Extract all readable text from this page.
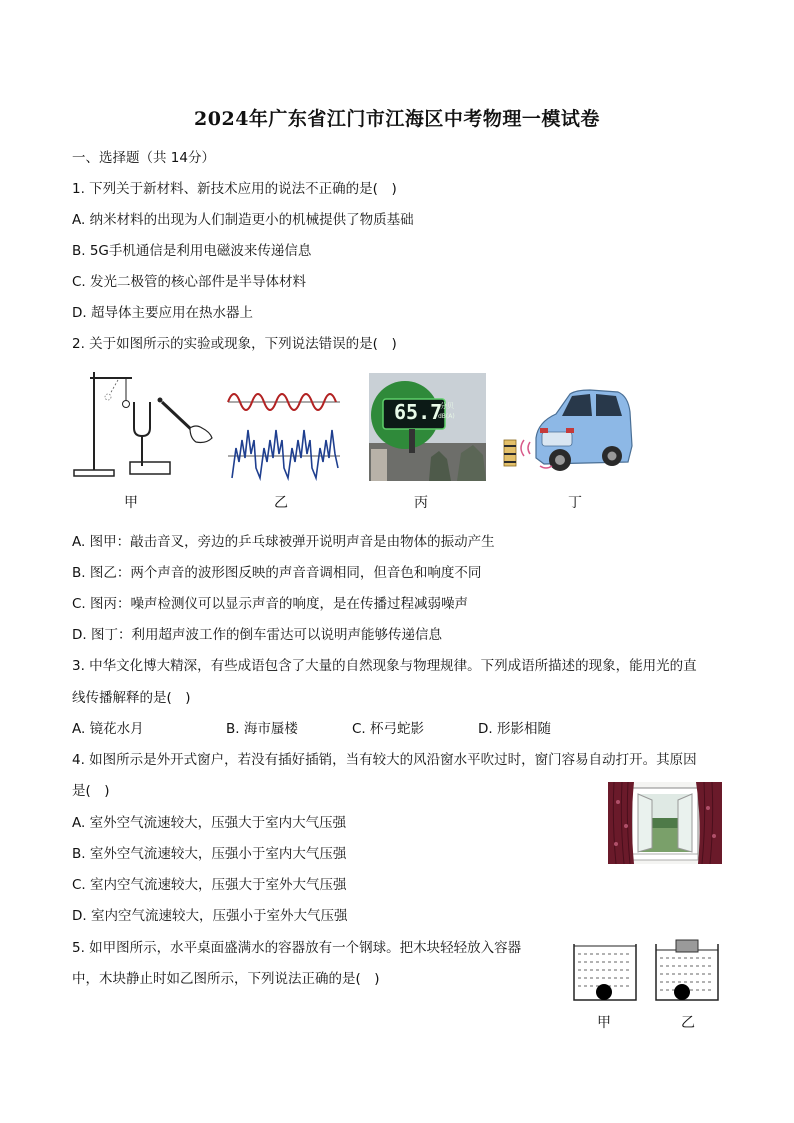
2024年广东省江门市江海区中考物理一模试卷
一、选择题（共 14分）
1. 下列关于新材料、新技术应用的说法不正确的是(　)
A. 纳米材料的出现为人们制造更小的机械提供了物质基础
B. 5G手机通信是利用电磁波来传递信息
C. 发光二极管的核心部件是半导体材料
D. 超导体主要应用在热水器上
2. 关于如图所示的实验或现象，下列说法错误的是(　)
甲	乙
65.7
分贝
dB(A)
丙	丁
A. 图甲：敲击音叉，旁边的乒乓球被弹开说明声音是由物体的振动产生
B. 图乙：两个声音的波形图反映的声音音调相同，但音色和响度不同
C. 图丙：噪声检测仪可以显示声音的响度，是在传播过程减弱噪声
D. 图丁：利用超声波工作的倒车雷达可以说明声能够传递信息
3. 中华文化博大精深，有些成语包含了大量的自然现象与物理规律。下列成语所描述的现象，能用光的直
线传播解释的是(　)
A. 镜花水月	B. 海市蜃楼	C. 杯弓蛇影	D. 形影相随
4. 如图所示是外开式窗户，若没有插好插销，当有较大的风沿窗水平吹过时，窗门容易自动打开。其原因
是(　)
A. 室外空气流速较大，压强大于室内大气压强
B. 室外空气流速较大，压强小于室内大气压强
C. 室内空气流速较大，压强大于室外大气压强
D. 室内空气流速较大，压强小于室外大气压强
5. 如甲图所示，水平桌面盛满水的容器放有一个钢球。把木块轻轻放入容器
中，木块静止时如乙图所示，下列说法正确的是(　)
甲	乙
